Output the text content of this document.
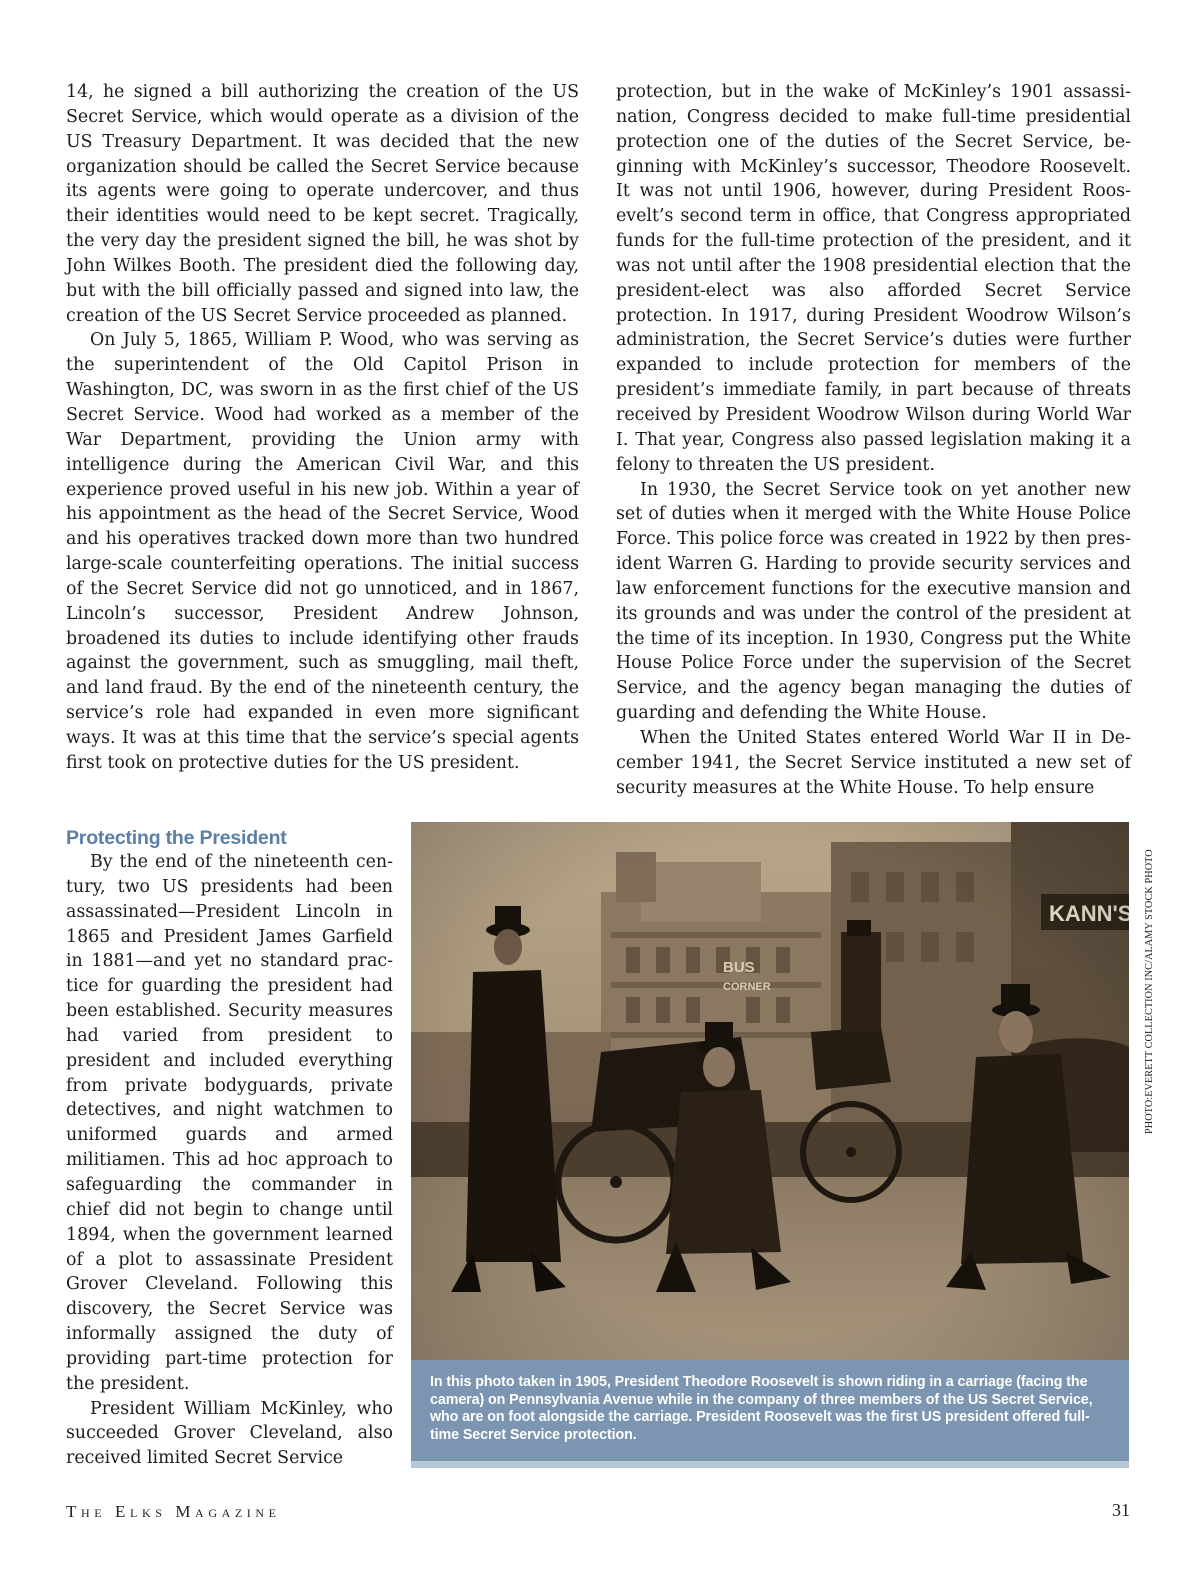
14, he signed a bill authorizing the creation of the US Secret Service, which would operate as a division of the US Treasury Department. It was decided that the new organization should be called the Secret Service because its agents were going to operate undercover, and thus their identities would need to be kept secret. Tragically, the very day the president signed the bill, he was shot by John Wilkes Booth. The president died the following day, but with the bill officially passed and signed into law, the creation of the US Secret Service proceeded as planned.

On July 5, 1865, William P. Wood, who was serving as the superintendent of the Old Capitol Prison in Washington, DC, was sworn in as the first chief of the US Secret Service. Wood had worked as a member of the War Department, providing the Union army with intelligence during the American Civil War, and this experience proved useful in his new job. Within a year of his appointment as the head of the Secret Service, Wood and his operatives tracked down more than two hundred large-scale counterfeiting operations. The initial success of the Secret Service did not go unnoticed, and in 1867, Lincoln’s successor, President Andrew Johnson, broadened its duties to include identifying other frauds against the government, such as smuggling, mail theft, and land fraud. By the end of the nineteenth century, the service’s role had expanded in even more significant ways. It was at this time that the service’s special agents first took on protective duties for the US president.

protection, but in the wake of McKinley’s 1901 assassination, Congress decided to make full-time presidential protection one of the duties of the Secret Service, beginning with McKinley’s successor, Theodore Roosevelt. It was not until 1906, however, during President Roosevelt’s second term in office, that Congress appropriated funds for the full-time protection of the president, and it was not until after the 1908 presidential election that the president-elect was also afforded Secret Service protection. In 1917, during President Woodrow Wilson’s administration, the Secret Service’s duties were further expanded to include protection for members of the president’s immediate family, in part because of threats received by President Woodrow Wilson during World War I. That year, Congress also passed legislation making it a felony to threaten the US president.

In 1930, the Secret Service took on yet another new set of duties when it merged with the White House Police Force. This police force was created in 1922 by then president Warren G. Harding to provide security services and law enforcement functions for the executive mansion and its grounds and was under the control of the president at the time of its inception. In 1930, Congress put the White House Police Force under the supervision of the Secret Service, and the agency began managing the duties of guarding and defending the White House.

When the United States entered World War II in December 1941, the Secret Service instituted a new set of security measures at the White House. To help ensure

Protecting the President

By the end of the nineteenth century, two US presidents had been assassinated—President Lincoln in 1865 and President James Garfield in 1881—and yet no standard practice for guarding the president had been established. Security measures had varied from president to president and included everything from private bodyguards, private detectives, and night watchmen to uniformed guards and armed militiamen. This ad hoc approach to safeguarding the commander in chief did not begin to change until 1894, when the government learned of a plot to assassinate President Grover Cleveland. Following this discovery, the Secret Service was informally assigned the duty of providing part-time protection for the president.

President William McKinley, who succeeded Grover Cleveland, also received limited Secret Service

In this photo taken in 1905, President Theodore Roosevelt is shown riding in a carriage (facing the camera) on Pennsylvania Avenue while in the company of three members of the US Secret Service, who are on foot alongside the carriage. President Roosevelt was the first US president offered full-time Secret Service protection.

PHOTO:EVERETT COLLECTION INC/ALAMY STOCK PHOTO
The Elks Magazine	31
